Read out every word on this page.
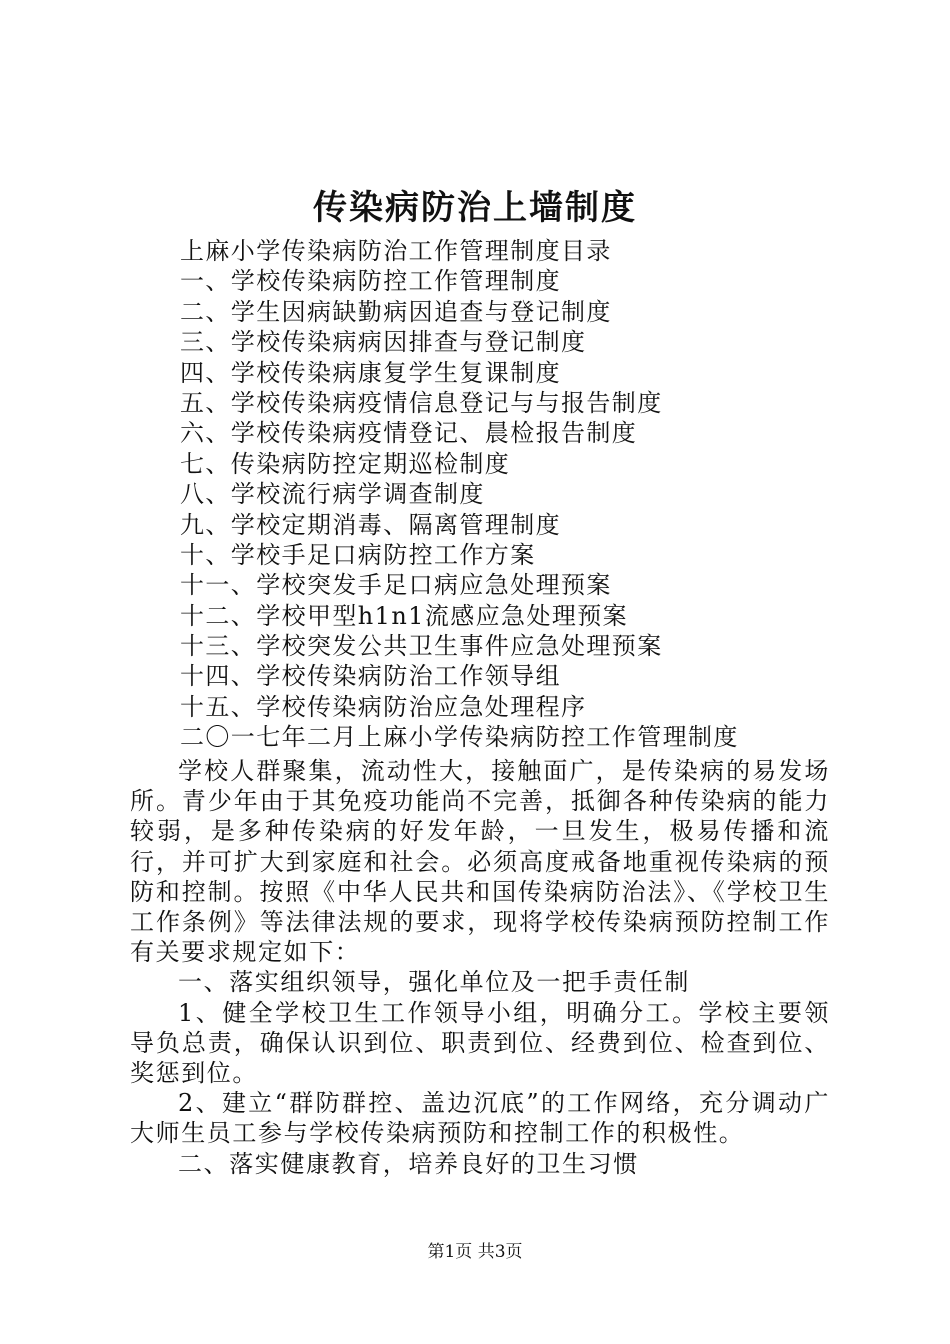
传染病防治上墙制度
上麻小学传染病防治工作管理制度目录
一、学校传染病防控工作管理制度
二、学生因病缺勤病因追查与登记制度
三、学校传染病病因排查与登记制度
四、学校传染病康复学生复课制度
五、学校传染病疫情信息登记与与报告制度
六、学校传染病疫情登记、晨检报告制度
七、传染病防控定期巡检制度
八、学校流行病学调查制度
九、学校定期消毒、隔离管理制度
十、学校手足口病防控工作方案
十一、学校突发手足口病应急处理预案
十二、学校甲型h1n1流感应急处理预案
十三、学校突发公共卫生事件应急处理预案
十四、学校传染病防治工作领导组
十五、学校传染病防治应急处理程序
二〇一七年二月上麻小学传染病防控工作管理制度

学校人群聚集，流动性大，接触面广，是传染病的易发场所。青少年由于其免疫功能尚不完善，抵御各种传染病的能力较弱，是多种传染病的好发年龄，一旦发生，极易传播和流行，并可扩大到家庭和社会。必须高度戒备地重视传染病的预防和控制。按照《中华人民共和国传染病防治法》、《学校卫生工作条例》等法律法规的要求，现将学校传染病预防控制工作有关要求规定如下：

一、落实组织领导，强化单位及一把手责任制

1、健全学校卫生工作领导小组，明确分工。学校主要领导负总责，确保认识到位、职责到位、经费到位、检查到位、奖惩到位。

2、建立“群防群控、盖边沉底”的工作网络，充分调动广大师生员工参与学校传染病预防和控制工作的积极性。

二、落实健康教育，培养良好的卫生习惯

第1页 共3页
